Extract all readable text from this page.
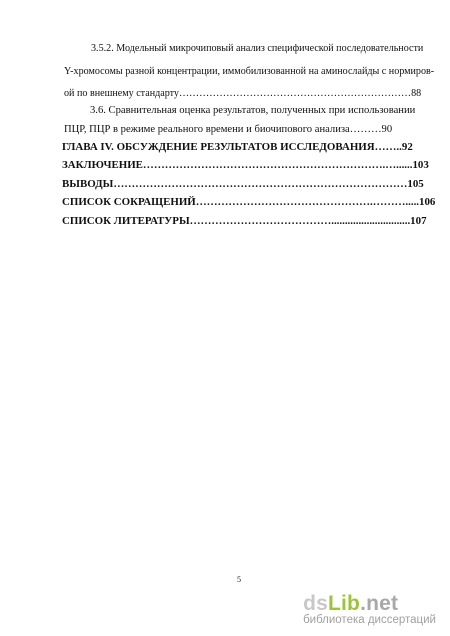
3.5.2. Модельный микрочиповый анализ специфической последовательности
Y-хромосомы разной концентрации, иммобилизованной на аминослайды с нормиров-
ой по внешнему стандарту……………………………………………………………88
3.6. Сравнительная оценка результатов, полученных при использовании
ПЦР, ПЦР в режиме реального времени и биочипового анализа………90
ГЛАВА IV. ОБСУЖДЕНИЕ РЕЗУЛЬТАТОВ ИССЛЕДОВАНИЯ……..92
ЗАКЛЮЧЕНИЕ………………………………………………………….…......103
ВЫВОДЫ………………………………………………………………………105
СПИСОК СОКРАЩЕНИЙ………………………………………….……….....106
СПИСОК ЛИТЕРАТУРЫ………………………………….............................107
5
dsLib.net
библиотека диссертаций
